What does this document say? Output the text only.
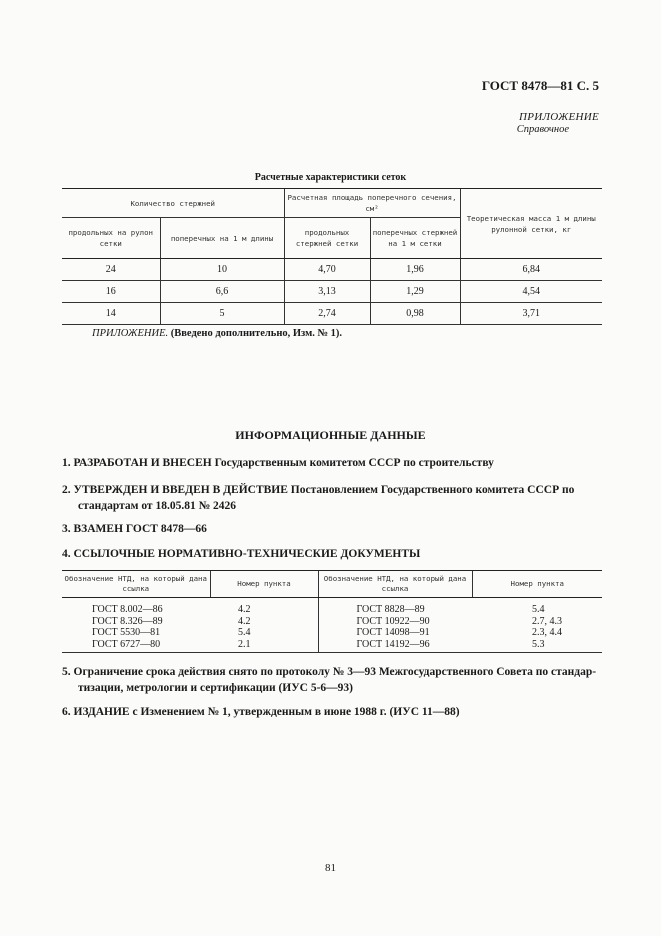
ГОСТ 8478—81 С. 5
ПРИЛОЖЕНИЕ
Справочное
Расчетные характеристики сеток
Количество стержней		Расчетная площадь поперечного сечения, см²		Теоретическая масса 1 м длины рулонной сетки, кг
продольных на рулон сетки	поперечных на 1 м длины	продольных стержней сетки	поперечных стержней на 1 м сетки	
24	10	4,70	1,96	6,84
16	6,6	3,13	1,29	4,54
14	5	2,74	0,98	3,71
ПРИЛОЖЕНИЕ. (Введено дополнительно, Изм. № 1).
ИНФОРМАЦИОННЫЕ ДАННЫЕ
1. РАЗРАБОТАН И ВНЕСЕН Государственным комитетом СССР по строительству
2. УТВЕРЖДЕН И ВВЕДЕН В ДЕЙСТВИЕ Постановлением Государственного комитета СССР по
стандартам от 18.05.81 № 2426
3. ВЗАМЕН ГОСТ 8478—66
4. ССЫЛОЧНЫЕ НОРМАТИВНО-ТЕХНИЧЕСКИЕ ДОКУМЕНТЫ
Обозначение НТД, на который дана ссылка	Номер пункта	Обозначение НТД, на который дана ссылка	Номер пункта
ГОСТ 8.002—86	4.2	ГОСТ 8828—89	5.4
ГОСТ 8.326—89	4.2	ГОСТ 10922—90	2.7, 4.3
ГОСТ 5530—81	5.4	ГОСТ 14098—91	2.3, 4.4
ГОСТ 6727—80	2.1	ГОСТ 14192—96	5.3
5. Ограничение срока действия снято по протоколу № 3—93 Межгосударственного Совета по стандар-
тизации, метрологии и сертификации (ИУС 5-6—93)
6. ИЗДАНИЕ с Изменением № 1, утвержденным в июне 1988 г. (ИУС 11—88)
81
